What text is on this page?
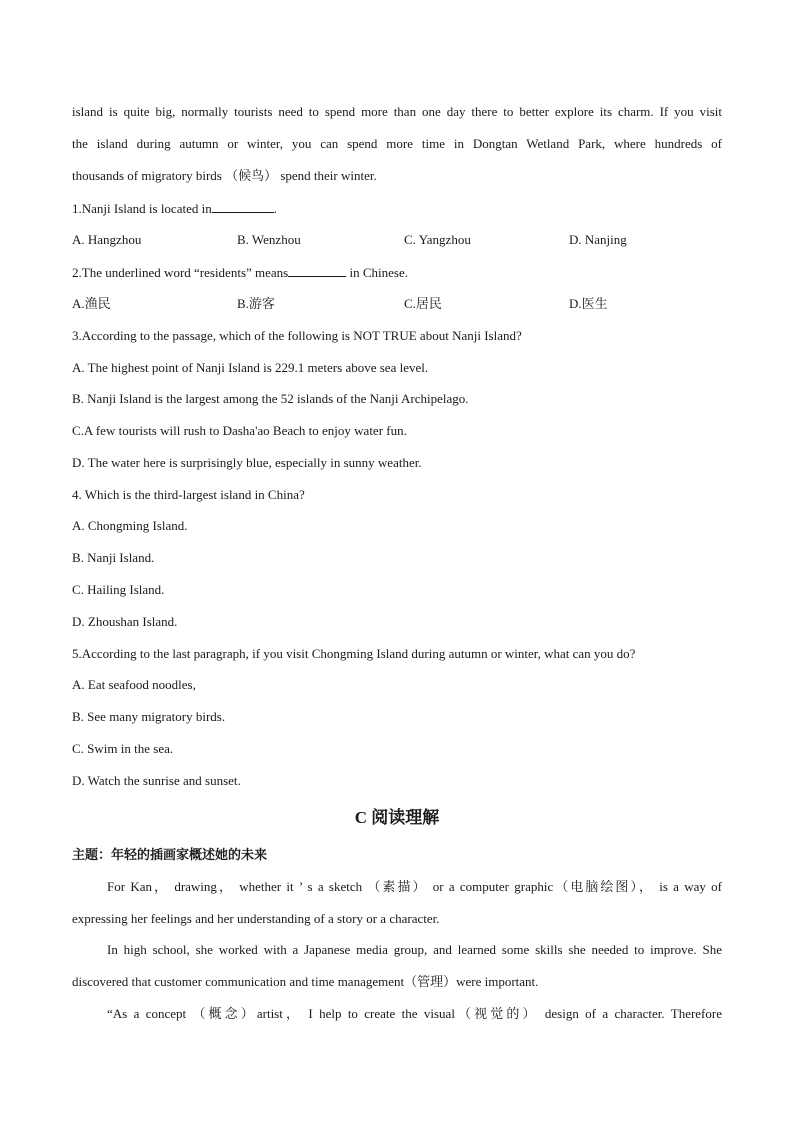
island is quite big, normally tourists need to spend more than one day there to better explore its charm. If you visit
the island during autumn or winter, you can spend more time in Dongtan Wetland Park, where hundreds of
thousands of migratory birds （候鸟） spend their winter.
1.Nanji Island is located in	.
A. Hangzhou	B. Wenzhou	C. Yangzhou	D. Nanjing
2.The underlined word “residents” means	in Chinese.
A.渔民	B.游客	C.居民	D.医生
3.According to the passage, which of the following is NOT TRUE about Nanji Island?
A. The highest point of Nanji Island is 229.1 meters above sea level.
B. Nanji Island is the largest among the 52 islands of the Nanji Archipelago.
C.A few tourists will rush to Dasha'ao Beach to enjoy water fun.
D. The water here is surprisingly blue, especially in sunny weather.
4. Which is the third-largest island in China?
A. Chongming Island.
B. Nanji Island.
C. Hailing Island.
D. Zhoushan Island.
5.According to the last paragraph, if you visit Chongming Island during autumn or winter, what can you do?
A. Eat seafood noodles,
B. See many migratory birds.
C. Swim in the sea.
D. Watch the sunrise and sunset.
C 阅读理解
主题：年轻的插画家概述她的未来
For Kan， drawing， whether it ’ s a sketch （素描） or a computer graphic（电脑绘图）， is a way of
expressing her feelings and her understanding of a story or a character.
In high school, she worked with a Japanese media group, and learned some skills she needed to improve. She
discovered that customer communication and time management（管理）were important.
“As a concept （概念）artist， I help to create the visual（视觉的） design of a character. Therefore
